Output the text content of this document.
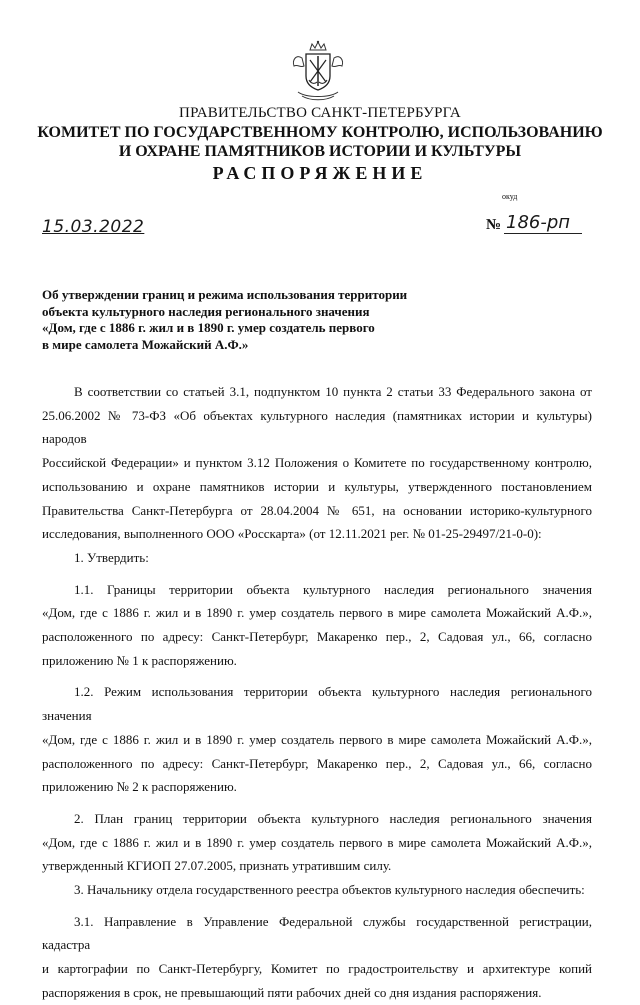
ПРАВИТЕЛЬСТВО САНКТ-ПЕТЕРБУРГА
КОМИТЕТ ПО ГОСУДАРСТВЕННОМУ КОНТРОЛЮ, ИСПОЛЬЗОВАНИЮ
И ОХРАНЕ ПАМЯТНИКОВ ИСТОРИИ И КУЛЬТУРЫ
РАСПОРЯЖЕНИЕ
окуд
15.03.2022	№ 186-рп
Об утверждении границ и режима использования территории
объекта культурного наследия регионального значения
«Дом, где с 1886 г. жил и в 1890 г. умер создатель первого
в мире самолета Можайский А.Ф.»

В соответствии со статьей 3.1, подпунктом 10 пункта 2 статьи 33 Федерального закона от

25.06.2002 № 73-ФЗ «Об объектах культурного наследия (памятниках истории и культуры) народов

Российской Федерации» и пунктом 3.12 Положения о Комитете по государственному контролю,

использованию и охране памятников истории и культуры, утвержденного постановлением

Правительства Санкт-Петербурга от 28.04.2004 № 651, на основании историко-культурного

исследования, выполненного ООО «Росскарта» (от 12.11.2021 рег. № 01-25-29497/21-0-0):

1. Утвердить:

1.1. Границы территории объекта культурного наследия регионального значения

«Дом, где с 1886 г. жил и в 1890 г. умер создатель первого в мире самолета Можайский А.Ф.»,

расположенного по адресу: Санкт-Петербург, Макаренко пер., 2, Садовая ул., 66, согласно

приложению № 1 к распоряжению.

1.2. Режим использования территории объекта культурного наследия регионального значения

«Дом, где с 1886 г. жил и в 1890 г. умер создатель первого в мире самолета Можайский А.Ф.»,

расположенного по адресу: Санкт-Петербург, Макаренко пер., 2, Садовая ул., 66, согласно

приложению № 2 к распоряжению.

2. План границ территории объекта культурного наследия регионального значения

«Дом, где с 1886 г. жил и в 1890 г. умер создатель первого в мире самолета Можайский А.Ф.»,

утвержденный КГИОП 27.07.2005, признать утратившим силу.

3. Начальнику отдела государственного реестра объектов культурного наследия обеспечить:

3.1. Направление в Управление Федеральной службы государственной регистрации, кадастра

и картографии по Санкт-Петербургу, Комитет по градостроительству и архитектуре копий

распоряжения в срок, не превышающий пяти рабочих дней со дня издания распоряжения.
